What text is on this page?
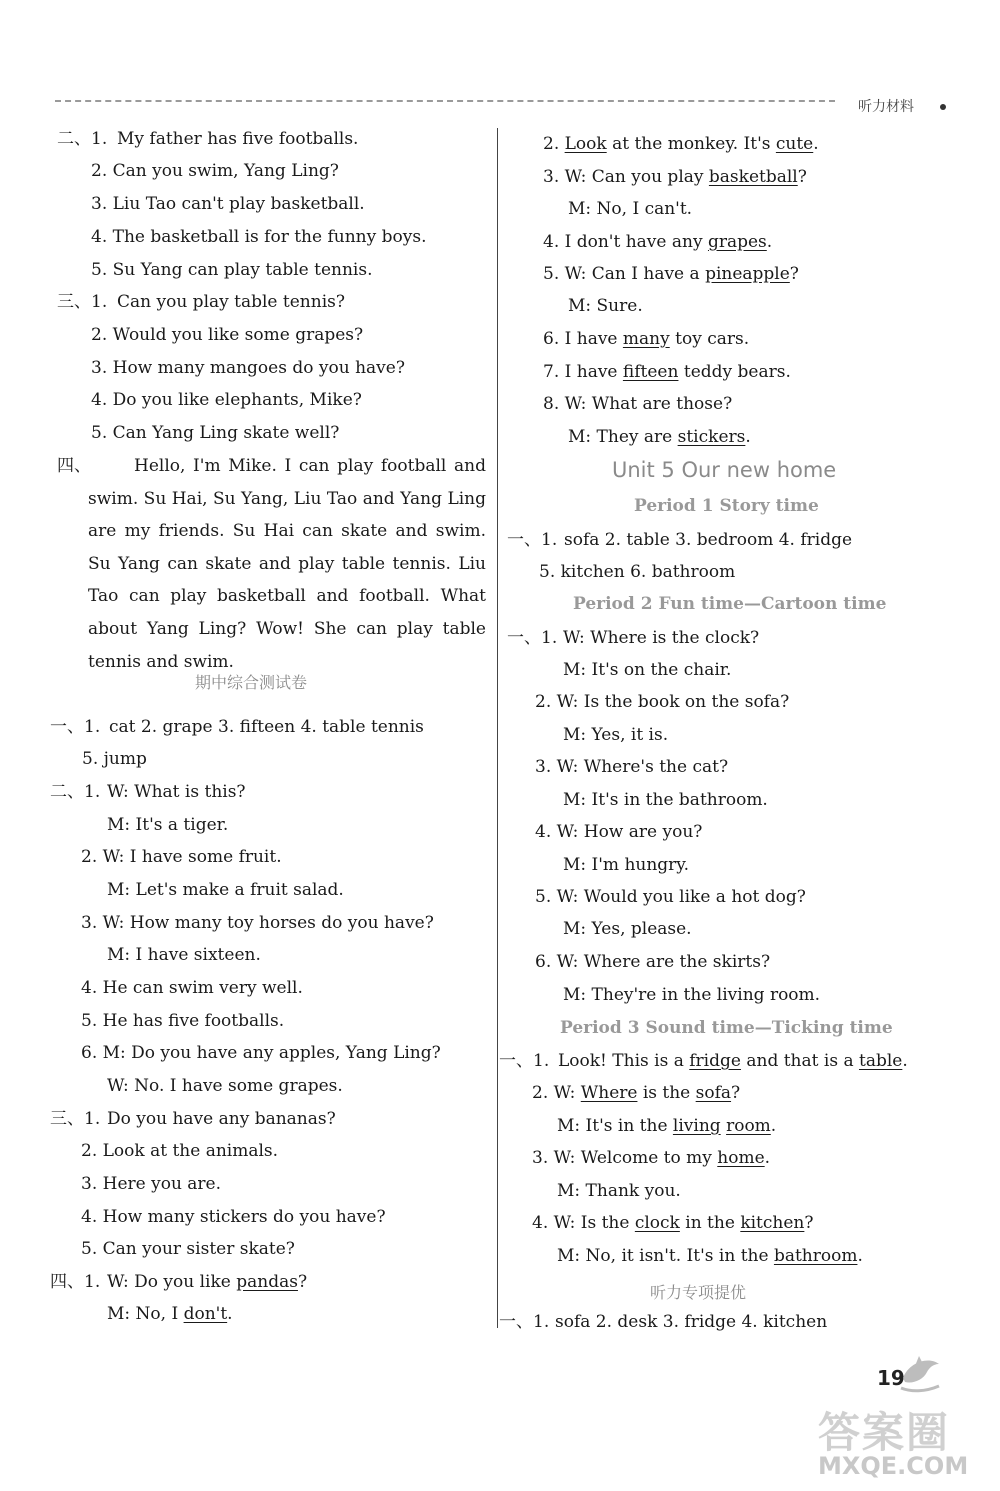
听力材料
二、1. My father has five footballs.
2. Can you swim, Yang Ling?
3. Liu Tao can't play basketball.
4. The basketball is for the funny boys.
5. Su Yang can play table tennis.
三、1. Can you play table tennis?
2. Would you like some grapes?
3. How many mangoes do you have?
4. Do you like elephants, Mike?
5. Can Yang Ling skate well?
四、	Hello, I'm Mike. I can play football and swim. Su Hai, Su Yang, Liu Tao and Yang Ling are my friends. Su Hai can skate and swim. Su Yang can skate and play table tennis. Liu Tao can play basketball and football. What about Yang Ling? Wow! She can play table tennis and swim.
期中综合测试卷
一、1. cat 2. grape 3. fifteen 4. table tennis
5. jump
二、1. W: What is this?
M: It's a tiger.
2. W: I have some fruit.
M: Let's make a fruit salad.
3. W: How many toy horses do you have?
M: I have sixteen.
4. He can swim very well.
5. He has five footballs.
6. M: Do you have any apples, Yang Ling?
W: No. I have some grapes.
三、1. Do you have any bananas?
2. Look at the animals.
3. Here you are.
4. How many stickers do you have?
5. Can your sister skate?
四、1. W: Do you like pandas?
M: No, I don't.
2. Look at the monkey. It's cute.
3. W: Can you play basketball?
M: No, I can't.
4. I don't have any grapes.
5. W: Can I have a pineapple?
M: Sure.
6. I have many toy cars.
7. I have fifteen teddy bears.
8. W: What are those?
M: They are stickers.
Unit 5 Our new home
Period 1 Story time
一、1. sofa 2. table 3. bedroom 4. fridge
5. kitchen 6. bathroom
Period 2 Fun time—Cartoon time
一、1. W: Where is the clock?
M: It's on the chair.
2. W: Is the book on the sofa?
M: Yes, it is.
3. W: Where's the cat?
M: It's in the bathroom.
4. W: How are you?
M: I'm hungry.
5. W: Would you like a hot dog?
M: Yes, please.
6. W: Where are the skirts?
M: They're in the living room.
Period 3 Sound time—Ticking time
一、1. Look! This is a fridge and that is a table.
2. W: Where is the sofa?
M: It's in the living room.
3. W: Welcome to my home.
M: Thank you.
4. W: Is the clock in the kitchen?
M: No, it isn't. It's in the bathroom.
听力专项提优
一、1. sofa 2. desk 3. fridge 4. kitchen
19
答案圈
MXQE.COM
